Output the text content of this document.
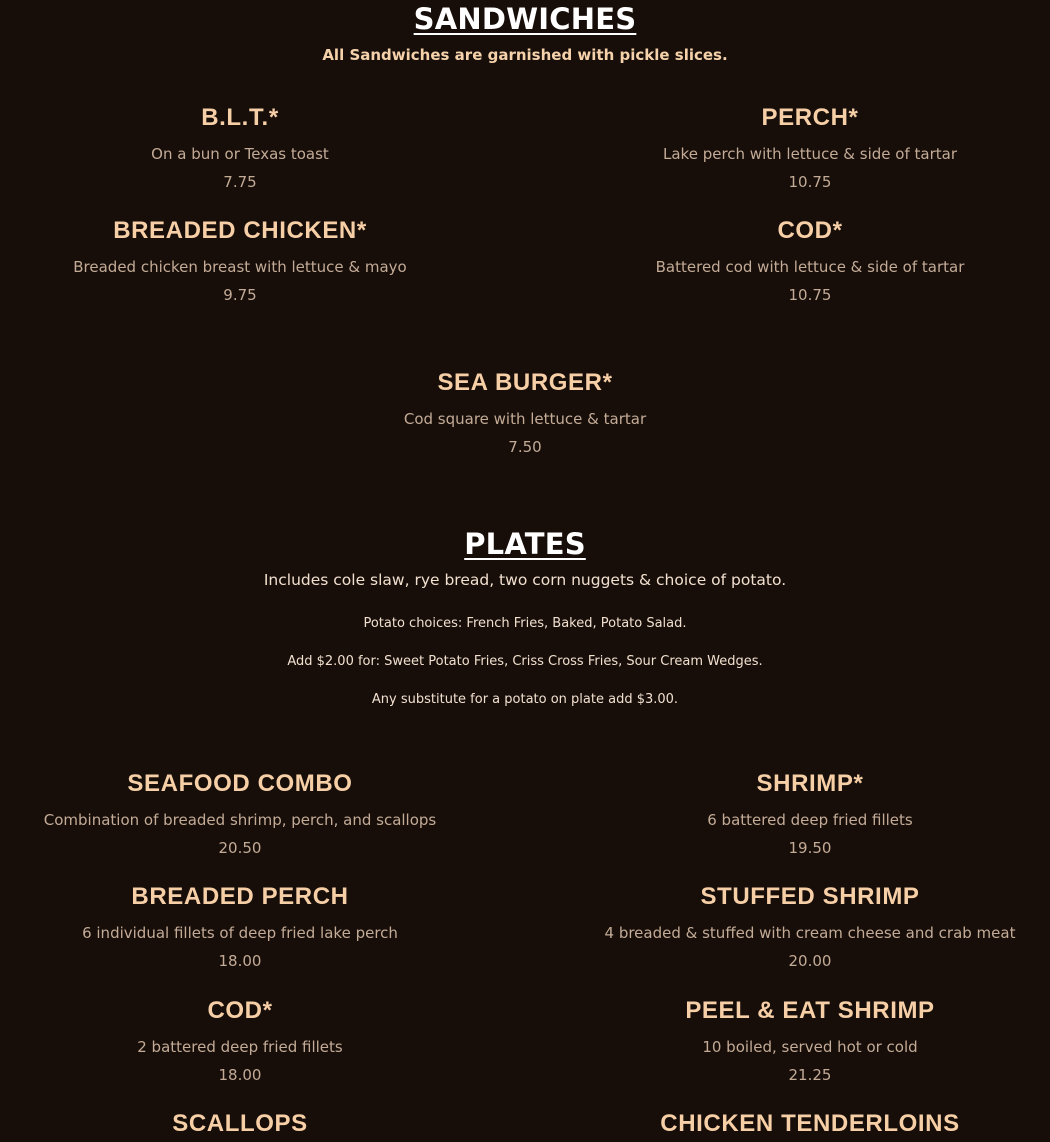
SANDWICHES
All Sandwiches are garnished with pickle slices.
B.L.T.*
On a bun or Texas toast
7.75
PERCH*
Lake perch with lettuce & side of tartar
10.75
BREADED CHICKEN*
Breaded chicken breast with lettuce & mayo
9.75
COD*
Battered cod with lettuce & side of tartar
10.75
SEA BURGER*
Cod square with lettuce & tartar
7.50
PLATES
Includes cole slaw, rye bread, two corn nuggets & choice of potato.
Potato choices: French Fries, Baked, Potato Salad.
Add $2.00 for: Sweet Potato Fries, Criss Cross Fries, Sour Cream Wedges.
Any substitute for a potato on plate add $3.00.
SEAFOOD COMBO
Combination of breaded shrimp, perch, and scallops
20.50
SHRIMP*
6 battered deep fried fillets
19.50
BREADED PERCH
6 individual fillets of deep fried lake perch
18.00
STUFFED SHRIMP
4 breaded & stuffed with cream cheese and crab meat
20.00
COD*
2 battered deep fried fillets
18.00
PEEL & EAT SHRIMP
10 boiled, served hot or cold
21.25
SCALLOPS	CHICKEN TENDERLOINS
